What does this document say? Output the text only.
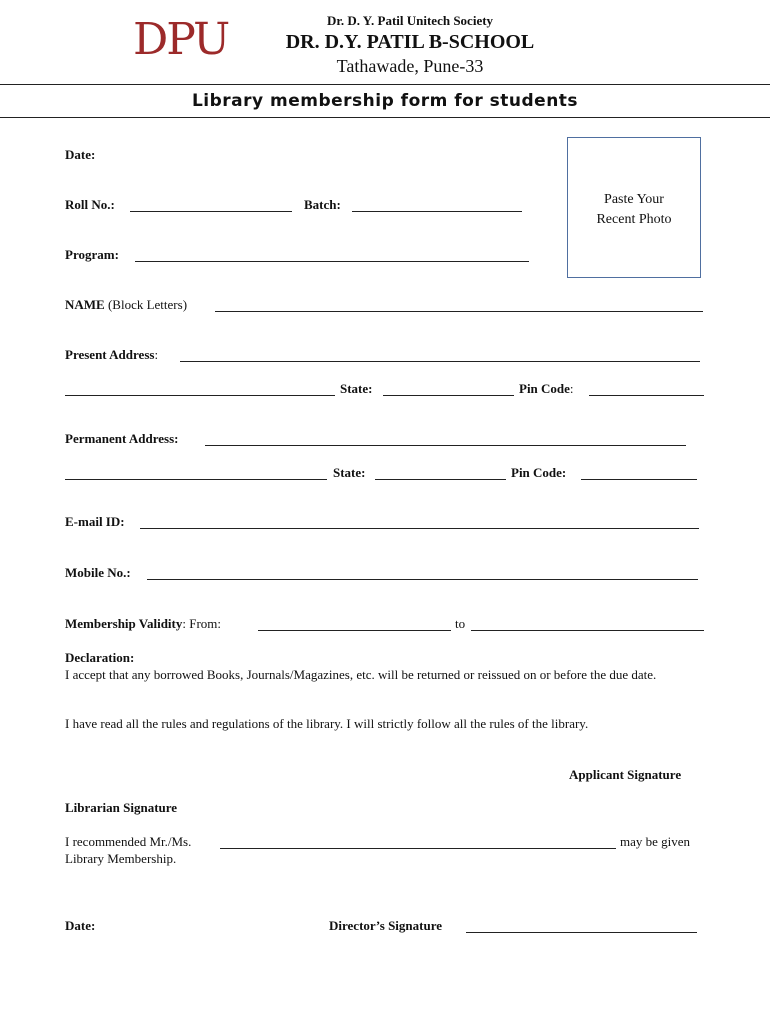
DPU	Dr. D. Y. Patil Unitech Society
DR. D.Y. PATIL B-SCHOOL
Tathawade, Pune-33
Library membership form for students
Paste Your
Recent Photo
Date:
Roll No.:	Batch:
Program:
NAME (Block Letters)
Present Address:
State:	Pin Code:
Permanent Address:
State:	Pin Code:
E-mail ID:
Mobile No.:
Membership Validity: From:	to
Declaration:
I accept that any borrowed Books, Journals/Magazines, etc. will be returned or reissued on or before the due date.
I have read all the rules and regulations of the library. I will strictly follow all the rules of the library.
Applicant Signature
Librarian Signature
I recommended Mr./Ms.	may be given
Library Membership.
Date:	Director’s Signature
